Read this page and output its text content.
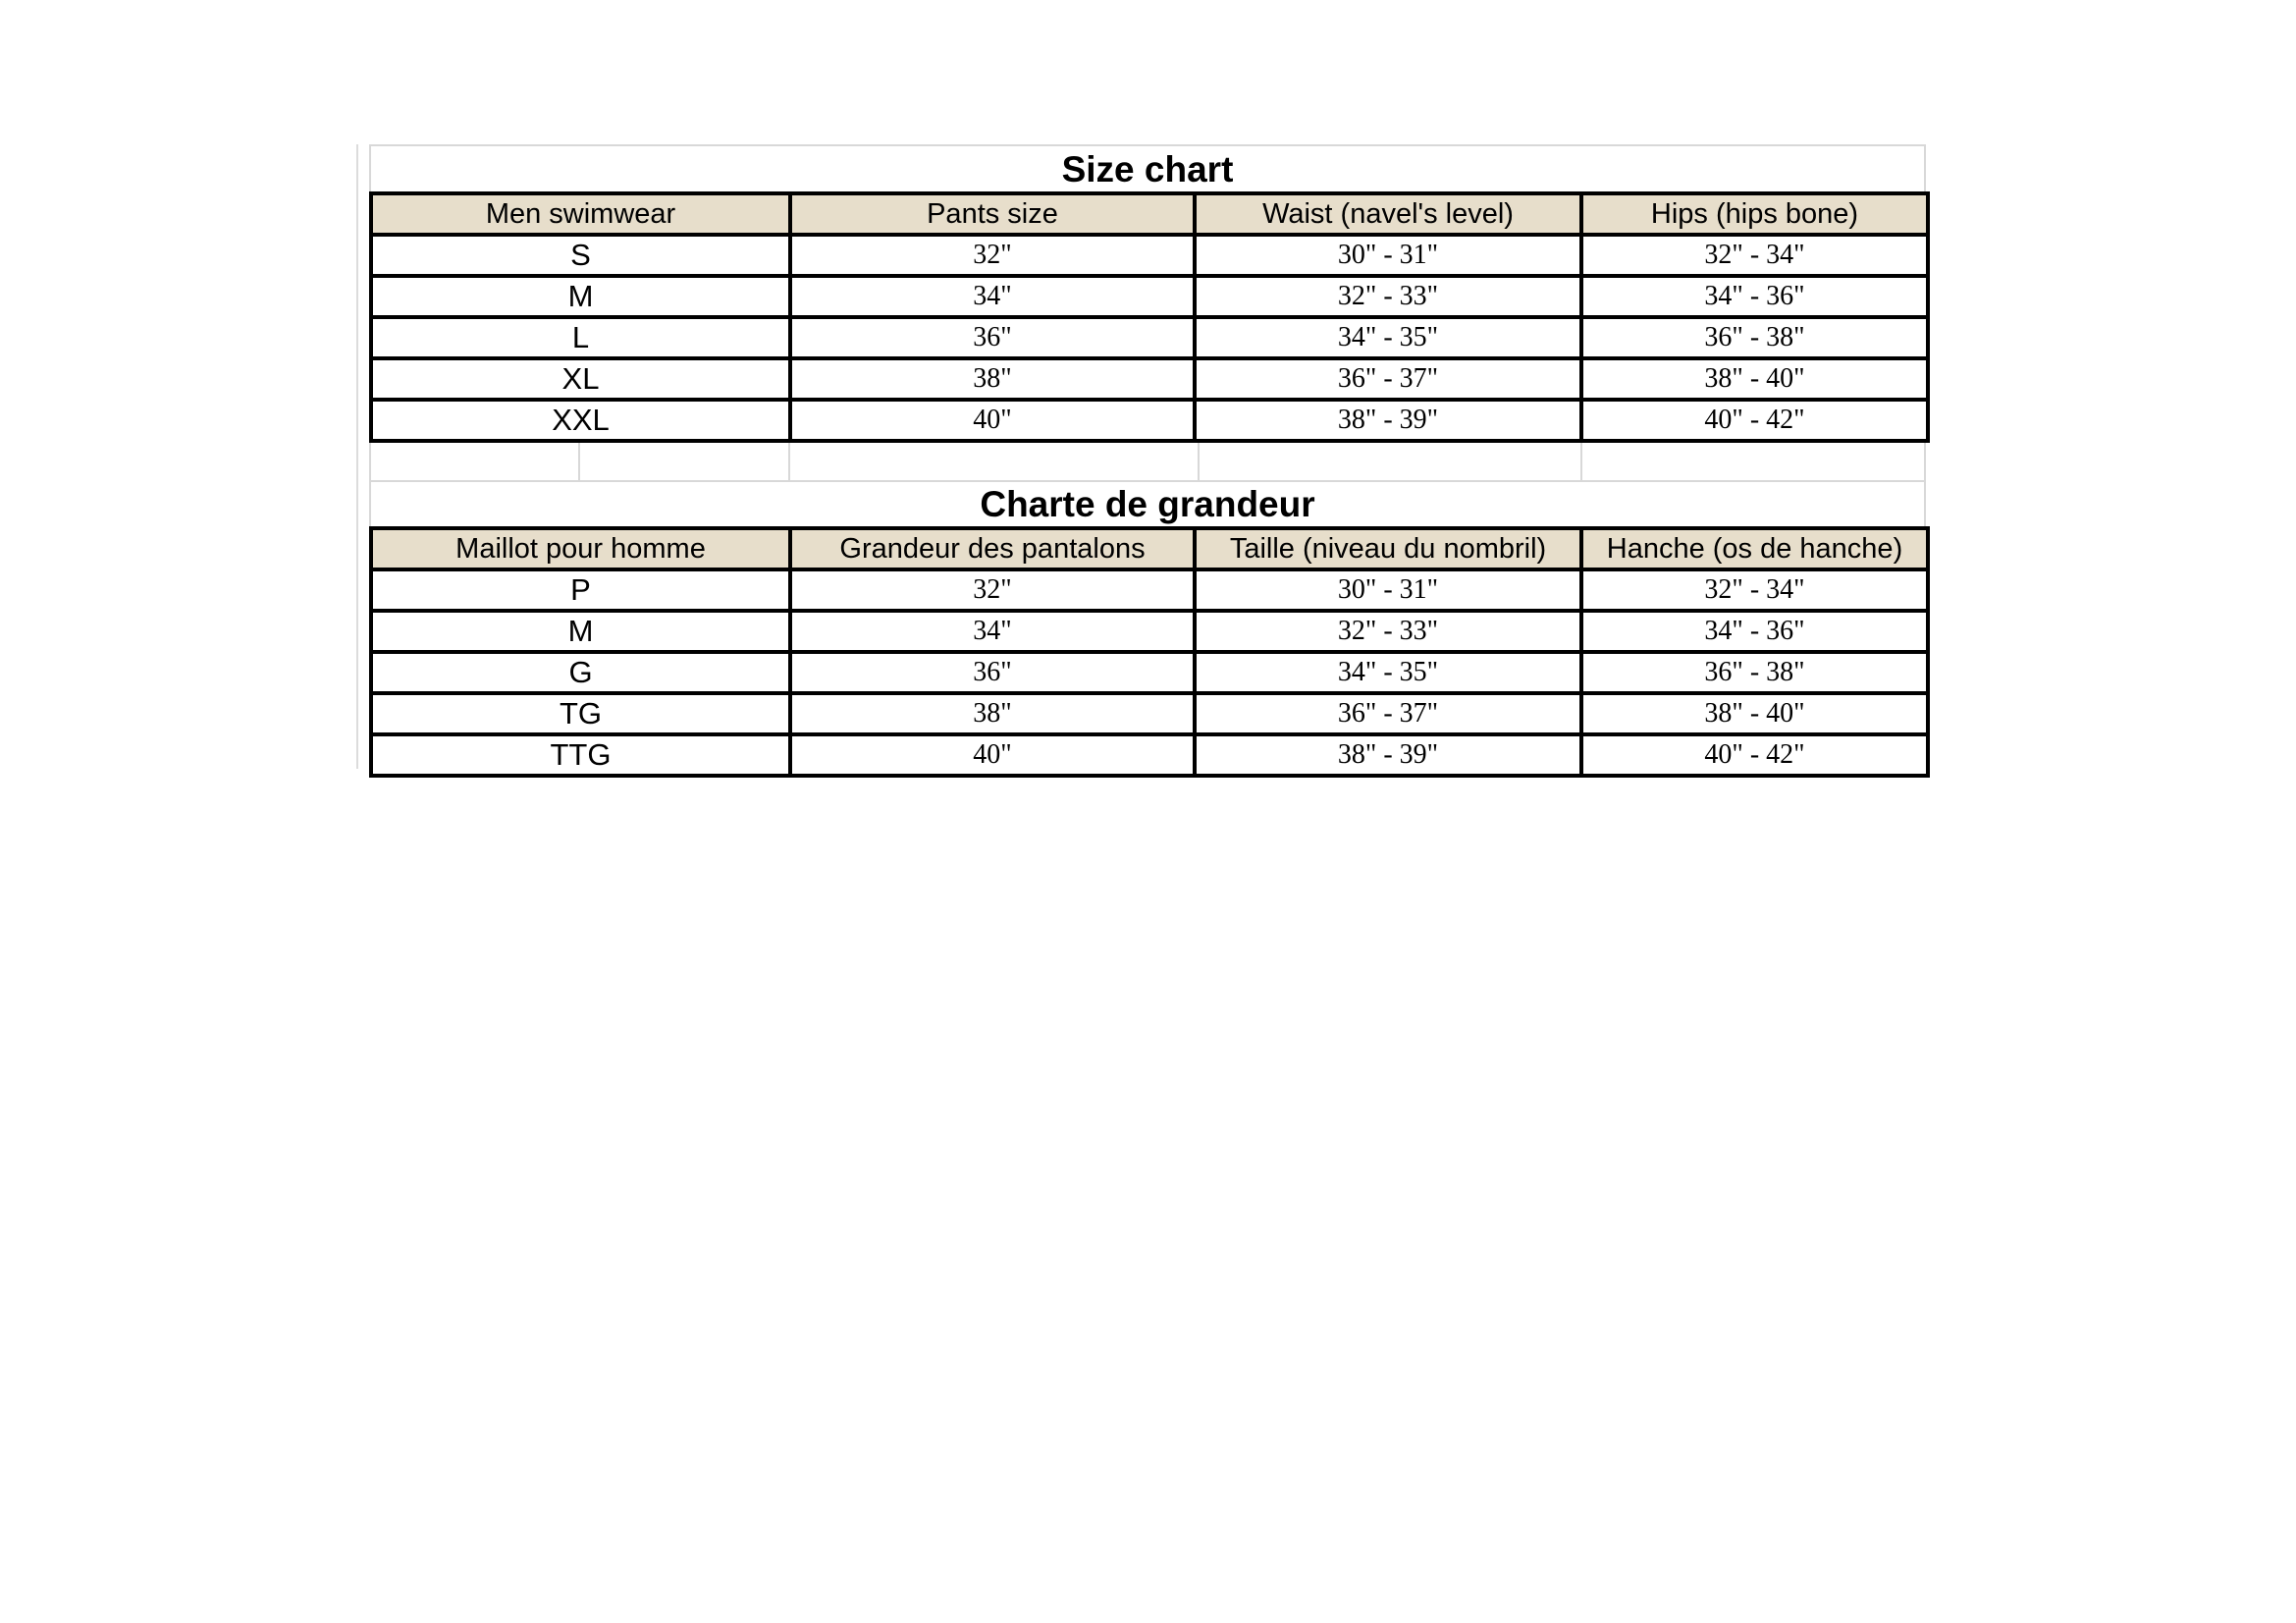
Size chart
Men swimwear	Pants size	Waist (navel's level)	Hips (hips bone)
S	32"	30" - 31"	32" - 34"
M	34"	32" - 33"	34" - 36"
L	36"	34" - 35"	36" - 38"
XL	38"	36" - 37"	38" - 40"
XXL	40"	38" - 39"	40" - 42"
Charte de grandeur
Maillot pour homme	Grandeur des pantalons	Taille (niveau du nombril)	Hanche (os de hanche)
P	32"	30" - 31"	32" - 34"
M	34"	32" - 33"	34" - 36"
G	36"	34" - 35"	36" - 38"
TG	38"	36" - 37"	38" - 40"
TTG	40"	38" - 39"	40" - 42"
